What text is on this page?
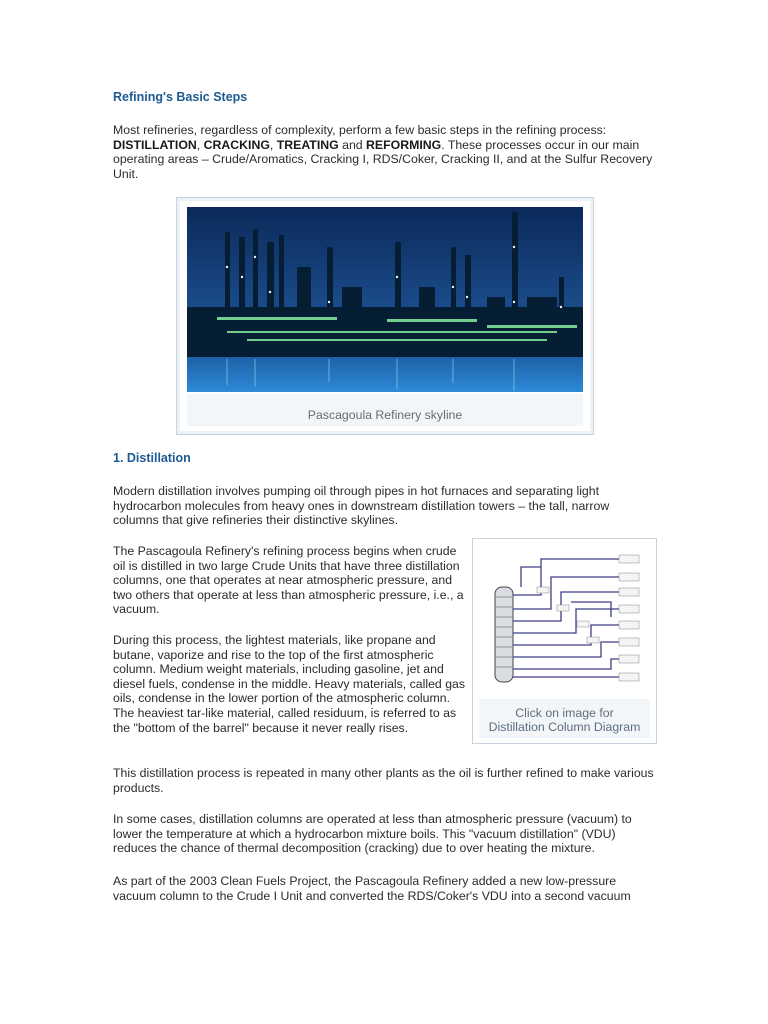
Refining's Basic Steps

Most refineries, regardless of complexity, perform a few basic steps in the refining process:
DISTILLATION, CRACKING, TREATING and REFORMING. These processes occur in our main operating areas – Crude/Aromatics, Cracking I, RDS/Coker, Cracking II, and at the Sulfur Recovery Unit.

Pascagoula Refinery skyline
1. Distillation

Modern distillation involves pumping oil through pipes in hot furnaces and separating light hydrocarbon molecules from heavy ones in downstream distillation towers – the tall, narrow columns that give refineries their distinctive skylines.

The Pascagoula Refinery's refining process begins when crude oil is distilled in two large Crude Units that have three distillation columns, one that operates at near atmospheric pressure, and two others that operate at less than atmospheric pressure, i.e., a vacuum.

During this process, the lightest materials, like propane and butane, vaporize and rise to the top of the first atmospheric column. Medium weight materials, including gasoline, jet and diesel fuels, condense in the middle. Heavy materials, called gas oils, condense in the lower portion of the atmospheric column. The heaviest tar-like material, called residuum, is referred to as the "bottom of the barrel" because it never really rises.

Click on image for
Distillation Column Diagram

This distillation process is repeated in many other plants as the oil is further refined to make various products.

In some cases, distillation columns are operated at less than atmospheric pressure (vacuum) to lower the temperature at which a hydrocarbon mixture boils. This "vacuum distillation" (VDU) reduces the chance of thermal decomposition (cracking) due to over heating the mixture.

As part of the 2003 Clean Fuels Project, the Pascagoula Refinery added a new low-pressure vacuum column to the Crude I Unit and converted the RDS/Coker's VDU into a second vacuum
